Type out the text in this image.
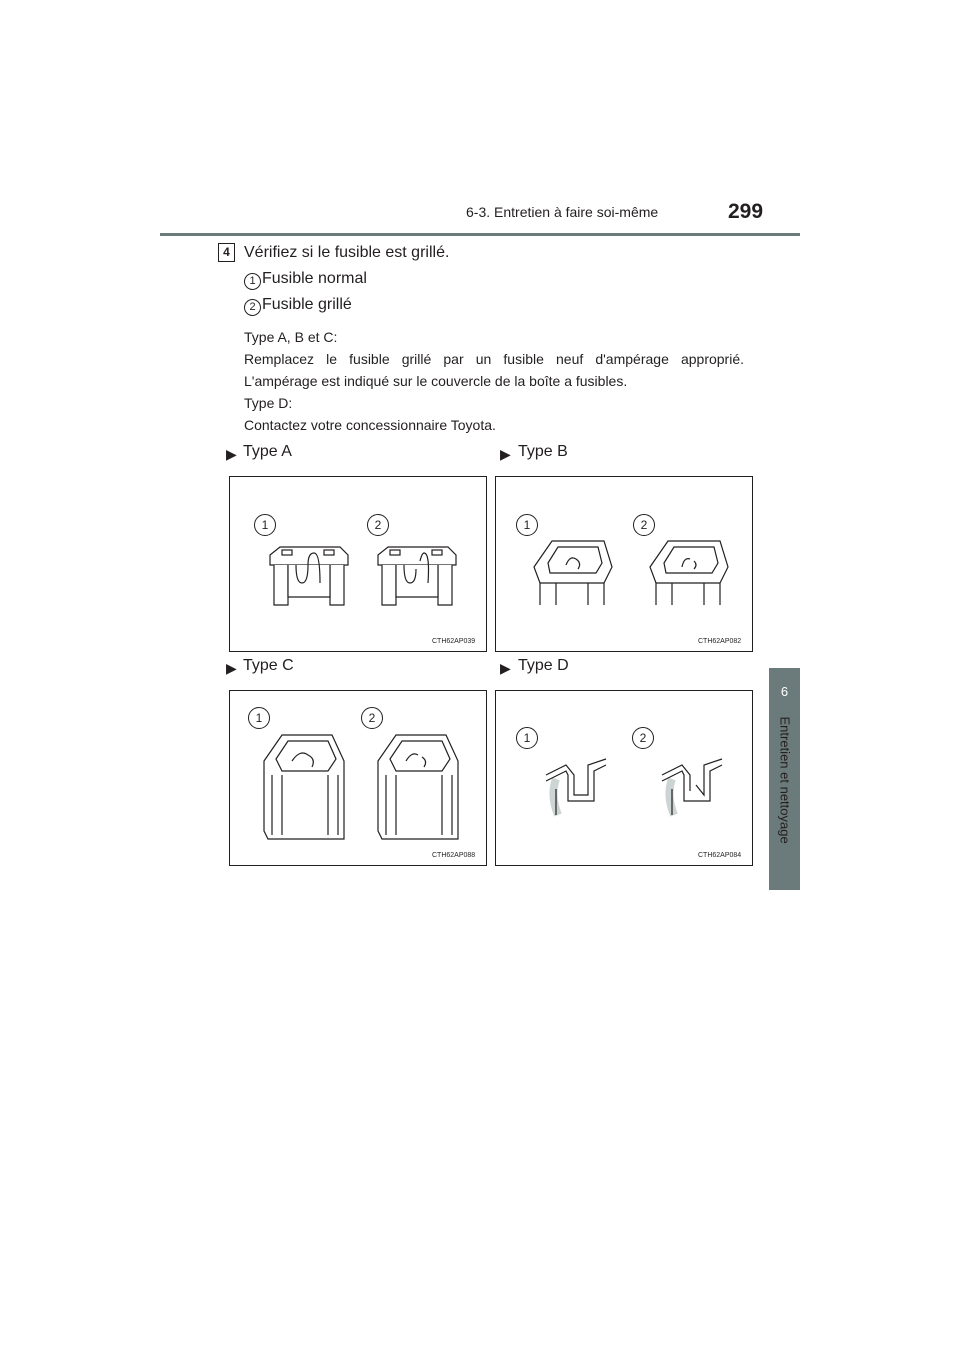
6-3. Entretien à faire soi-même	299
6
Entretien et nettoyage
4 Vérifiez si le fusible est grillé.
1 Fusible normal
2 Fusible grillé
Type A, B et C:
Remplacez le fusible grillé par un fusible neuf d'ampérage approprié.
L'ampérage est indiqué sur le couvercle de la boîte a fusibles.
Type D:
Contactez votre concessionnaire Toyota.
▶ Type A	▶ Type B
▶ Type C	▶ Type D
1	2
CTH62AP039
1	2
CTH62AP082
1	2
CTH62AP088
1	2
CTH62AP084
